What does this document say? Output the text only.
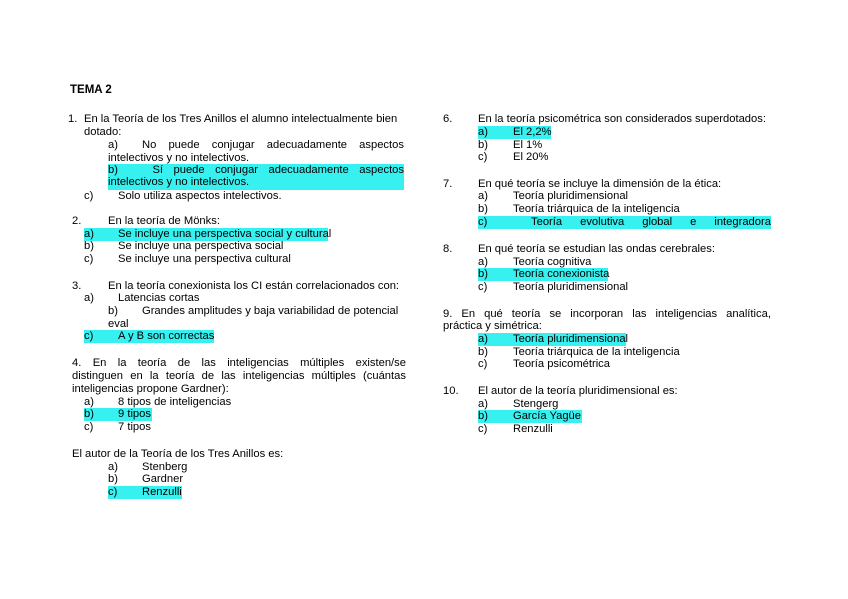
TEMA 2
1. En la Teoría de los Tres Anillos el alumno intelectualmente bien
dotado:
a) No puede conjugar adecuadamente aspectos
intelectivos y no intelectivos.
b)	Sí puede conjugar adecuadamente aspectos
intelectivos y no intelectivos.
c) Solo utiliza aspectos intelectivos.
2. En la teoría de Mönks:
a) Se incluye una perspectiva social y cultural
b) Se incluye una perspectiva social
c) Se incluye una perspectiva cultural
3. En la teoría conexionista los CI están correlacionados con:
a) Latencias cortas
b) Grandes amplitudes y baja variabilidad de potencial
eval
c) A y B son correctas
4. En la teoría de las inteligencias múltiples existen/se
distinguen en la teoría de las inteligencias múltiples (cuántas
inteligencias propone Gardner):
a) 8 tipos de inteligencias
b) 9 tipos
c) 7 tipos
El autor de la Teoría de los Tres Anillos es:
a) Stenberg
b) Gardner
c) Renzulli
6. En la teoría psicométrica son considerados superdotados:
a) El 2,2%
b) El 1%
c) El 20%
7. En qué teoría se incluye la dimensión de la ética:
a) Teoría pluridimensional
b) Teoría triárquica de la inteligencia
c)	Teoría evolutiva global e integradora
8. En qué teoría se estudian las ondas cerebrales:
a) Teoría cognitiva
b) Teoría conexionista
c) Teoría pluridimensional
9. En qué teoría se incorporan las inteligencias analítica,
práctica y simétrica:
a) Teoría pluridimensional
b) Teoría triárquica de la inteligencia
c) Teoría psicométrica
10. El autor de la teoría pluridimensional es:
a) Stengerg
b) García Yagüe
c) Renzulli
